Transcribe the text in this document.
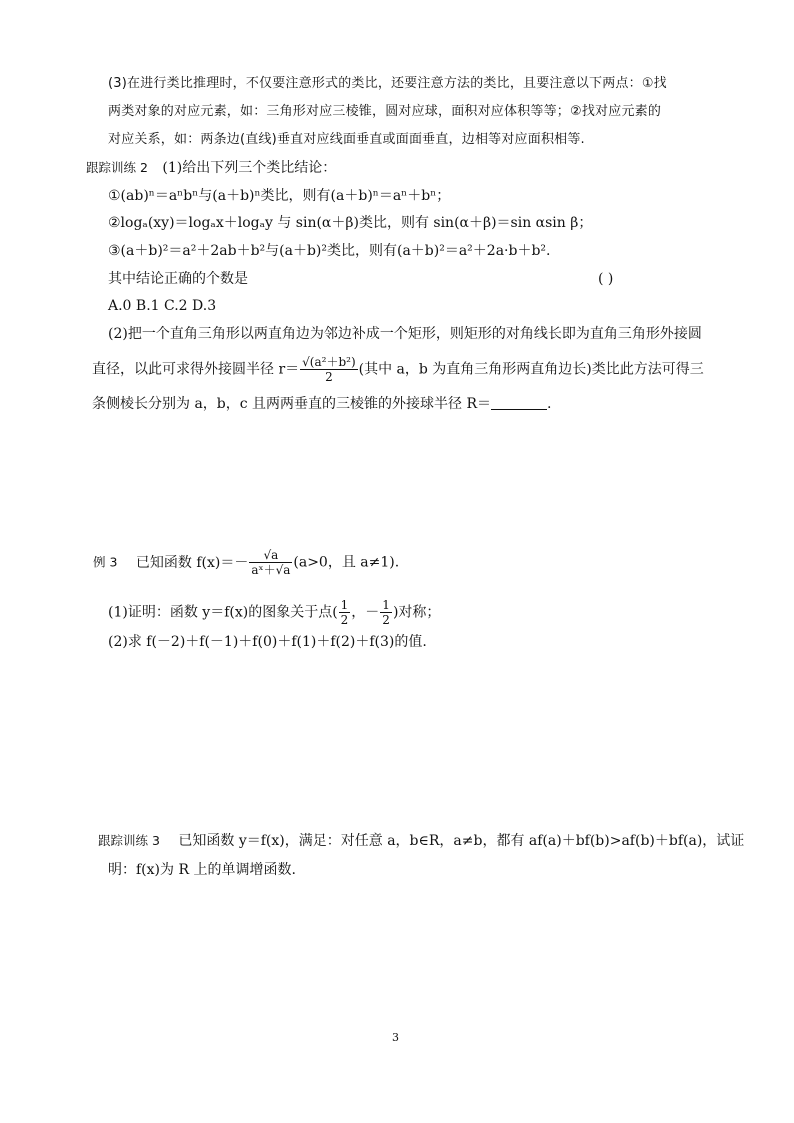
(3)在进行类比推理时，不仅要注意形式的类比，还要注意方法的类比，且要注意以下两点：①找
两类对象的对应元素，如：三角形对应三棱锥，圆对应球，面积对应体积等等；②找对应元素的
对应关系，如：两条边(直线)垂直对应线面垂直或面面垂直，边相等对应面积相等.
跟踪训练 2 (1)给出下列三个类比结论：
①(ab)ⁿ＝aⁿbⁿ与(a＋b)ⁿ类比，则有(a＋b)ⁿ＝aⁿ＋bⁿ；
②logₐ(xy)＝logₐx＋logₐy 与 sin(α＋β)类比，则有 sin(α＋β)＝sin αsin β；
③(a＋b)²＝a²＋2ab＋b²与(a＋b)²类比，则有(a＋b)²＝a²＋2a·b＋b².
其中结论正确的个数是	( )
A.0 B.1 C.2 D.3
(2)把一个直角三角形以两直角边为邻边补成一个矩形，则矩形的对角线长即为直角三角形外接圆
直径，以此可求得外接圆半径 $r= \frac{\text{√(a²＋b²)}}{2}$ (其中 a，b 为直角三角形两直角边长)类比此方法可得三
条侧棱长分别为 a，b，c 且两两垂直的三棱锥的外接球半径 R＝	.
例 3 已知函数 $f(x)=- \frac{√a}{\text{aˣ＋√a}} (a>0$，且 a≠1).
(1)证明：函数 y＝f(x)的图象关于点( $\frac{1}{2}$ ，－ $\frac{1}{2}$ )对称；
(2)求 f(－2)＋f(－1)＋f(0)＋f(1)＋f(2)＋f(3)的值.
跟踪训练 3 已知函数 y＝f(x)，满足：对任意 a，b∈R，a≠b，都有 af(a)＋bf(b)>af(b)＋bf(a)，试证
明：f(x)为 R 上的单调增函数.
3
